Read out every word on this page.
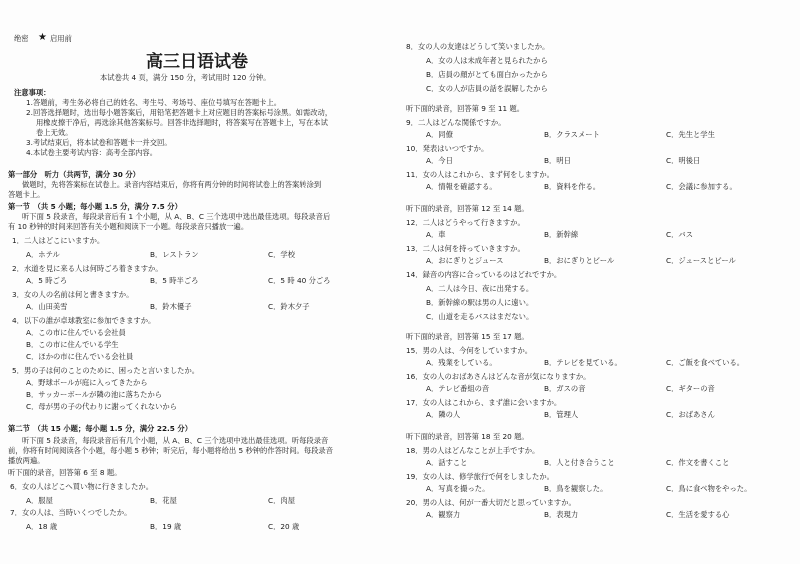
绝密 ★ 启用前
高三日语试卷
本试卷共 4 页，满分 150 分，考试用时 120 分钟。
注意事项：
1.答题前，考生务必将自己的姓名、考生号、考场号、座位号填写在答题卡上。
2.回答选择题时，选出每小题答案后，用铅笔把答题卡上对应题目的答案标号涂黑。如需改动，
用橡皮擦干净后，再选涂其他答案标号。回答非选择题时，将答案写在答题卡上，写在本试
卷上无效。
3.考试结束后，将本试卷和答题卡一并交回。
4.本试卷主要考试内容：高考全部内容。
第一部分　听力（共两节，满分 30 分）
做题时，先将答案标在试卷上。录音内容结束后，你将有两分钟的时间将试卷上的答案转涂到
答题卡上。
第一节　（共 5 小题；每小题 1.5 分，满分 7.5 分）
听下面 5 段录音，每段录音后有 1 个小题，从 A、B、C 三个选项中选出最佳选项。每段录音后
有 10 秒钟的时间来回答有关小题和阅读下一小题。每段录音只播放一遍。
1．二人はどこにいますか。
A．ホテル	B．レストラン	C．学校
2．水道を見に来る人は何時ごろ着きますか。
A．5 時ごろ	B．5 時半ごろ	C．5 時 40 分ごろ
3．女の人の名前は何と書きますか。
A．山田美雪	B．鈴木優子	C．鈴木夕子
4．以下の誰が卓球教室に参加できますか。
A．この市に住んでいる会社員
B．この市に住んでいる学生
C．ほかの市に住んでいる会社員
5．男の子は何のことのために、困ったと言いましたか。
A．野球ボールが庭に入ってきたから
B．サッカーボールが隣の池に落ちたから
C．母が男の子の代わりに謝ってくれないから
第二节　（共 15 小题；每小题 1.5 分，满分 22.5 分）
听下面 5 段录音，每段录音后有几个小题，从 A、B、C 三个选项中选出最佳选项。听每段录音
前，你将有时间阅读各个小题，每小题 5 秒钟；听完后，每小题将给出 5 秒钟的作答时间。每段录音
播放两遍。
听下面的录音，回答第 6 至 8 题。
6．女の人はどこへ買い物に行きましたか。
A．服屋	B．花屋	C．肉屋
7．女の人は、当時いくつでしたか。
A．18 歳	B．19 歳	C．20 歳
8．女の人の友達はどうして笑いましたか。
A．女の人は未成年者と見られたから
B．店員の顔がとても面白かったから
C．女の人が店員の話を誤解したから
听下面的录音，回答第 9 至 11 题。
9．二人はどんな関係ですか。
A．同僚	B．クラスメート	C．先生と学生
10．発表はいつですか。
A．今日	B．明日	C．明後日
11．女の人はこれから、まず何をしますか。
A．情報を確認する。	B．資料を作る。	C．会議に参加する。
听下面的录音，回答第 12 至 14 题。
12．二人はどうやって行きますか。
A．車	B．新幹線	C．バス
13．二人は何を持っていきますか。
A．おにぎりとジュース	B．おにぎりとビール	C．ジュースとビール
14．録音の内容に合っているのはどれですか。
A．二人は今日、夜に出発する。
B．新幹線の駅は男の人に遠い。
C．山道を走るバスはまだない。
听下面的录音，回答第 15 至 17 题。
15．男の人は、今何をしていますか。
A．残業をしている。	B．テレビを見ている。	C．ご飯を食べている。
16．女の人のおばあさんはどんな音が気になりますか。
A．テレビ番組の音	B．ガスの音	C．ギターの音
17．女の人はこれから、まず誰に会いますか。
A．隣の人	B．管理人	C．おばあさん
听下面的录音，回答第 18 至 20 题。
18．男の人はどんなことが上手ですか。
A．話すこと	B．人と付き合うこと	C．作文を書くこと
19．女の人は、修学旅行で何をしましたか。
A．写真を撮った。	B．鳥を観察した。	C．鳥に食べ物をやった。
20．男の人は、何が一番大切だと思っていますか。
A．観察力	B．表現力	C．生活を愛する心
